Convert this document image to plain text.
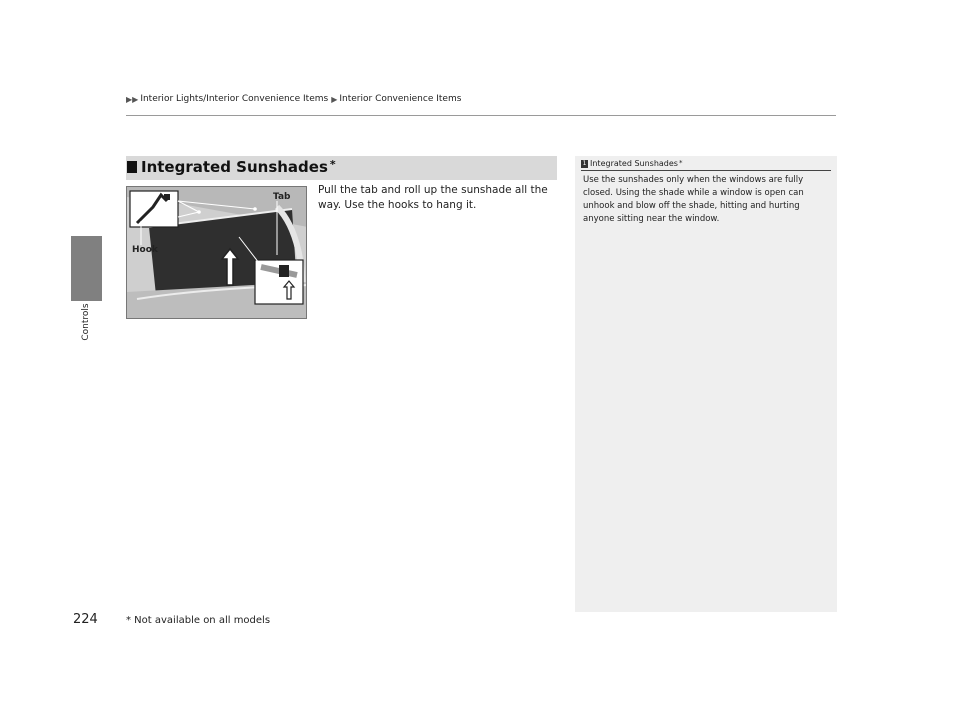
▶▶ Interior Lights/Interior Convenience Items ▶ Interior Convenience Items
Controls
Integrated Sunshades *
Tab
Hook
Pull the tab and roll up the sunshade all the way. Use the hooks to hang it.
1 Integrated Sunshades *
Use the sunshades only when the windows are fully closed. Using the shade while a window is open can unhook and blow off the shade, hitting and hurting anyone sitting near the window.
224	* Not available on all models
